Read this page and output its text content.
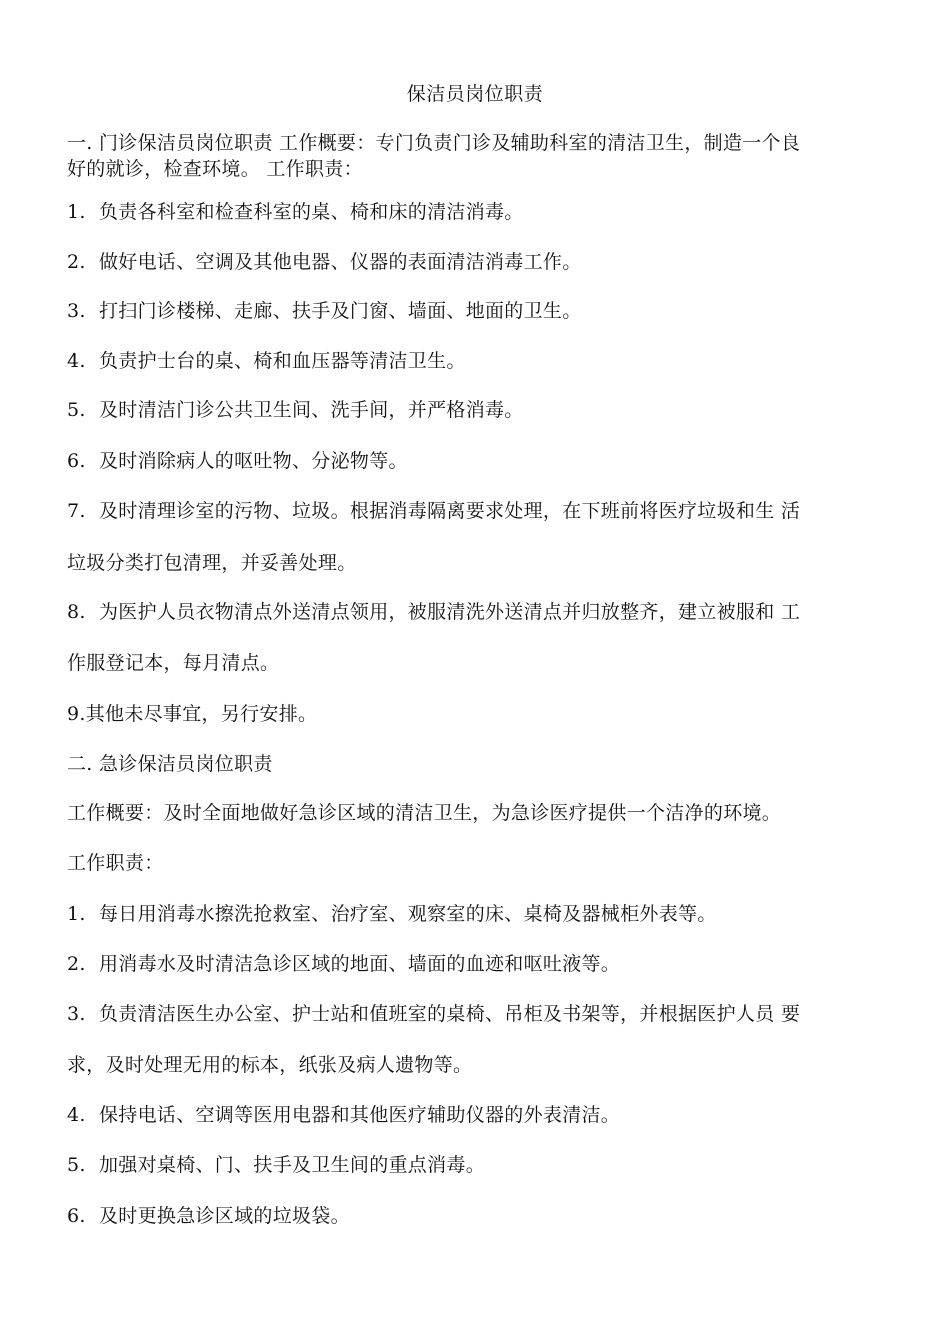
保洁员岗位职责
一. 门诊保洁员岗位职责 工作概要：专门负责门诊及辅助科室的清洁卫生，制造一个良
好的就诊，检查环境。 工作职责：
1. 负责各科室和检查科室的桌、椅和床的清洁消毒。
2. 做好电话、空调及其他电器、仪器的表面清洁消毒工作。
3. 打扫门诊楼梯、走廊、扶手及门窗、墙面、地面的卫生。
4. 负责护士台的桌、椅和血压器等清洁卫生。
5. 及时清洁门诊公共卫生间、洗手间，并严格消毒。
6. 及时消除病人的呕吐物、分泌物等。
7. 及时清理诊室的污物、垃圾。根据消毒隔离要求处理，在下班前将医疗垃圾和生 活
垃圾分类打包清理，并妥善处理。
8. 为医护人员衣物清点外送清点领用，被服清洗外送清点并归放整齐，建立被服和 工
作服登记本，每月清点。
9.其他未尽事宜，另行安排。
二. 急诊保洁员岗位职责
工作概要：及时全面地做好急诊区域的清洁卫生，为急诊医疗提供一个洁净的环境。
工作职责：
1. 每日用消毒水擦洗抢救室、治疗室、观察室的床、桌椅及器械柜外表等。
2. 用消毒水及时清洁急诊区域的地面、墙面的血迹和呕吐液等。
3. 负责清洁医生办公室、护士站和值班室的桌椅、吊柜及书架等，并根据医护人员 要
求，及时处理无用的标本，纸张及病人遗物等。
4. 保持电话、空调等医用电器和其他医疗辅助仪器的外表清洁。
5. 加强对桌椅、门、扶手及卫生间的重点消毒。
6. 及时更换急诊区域的垃圾袋。
